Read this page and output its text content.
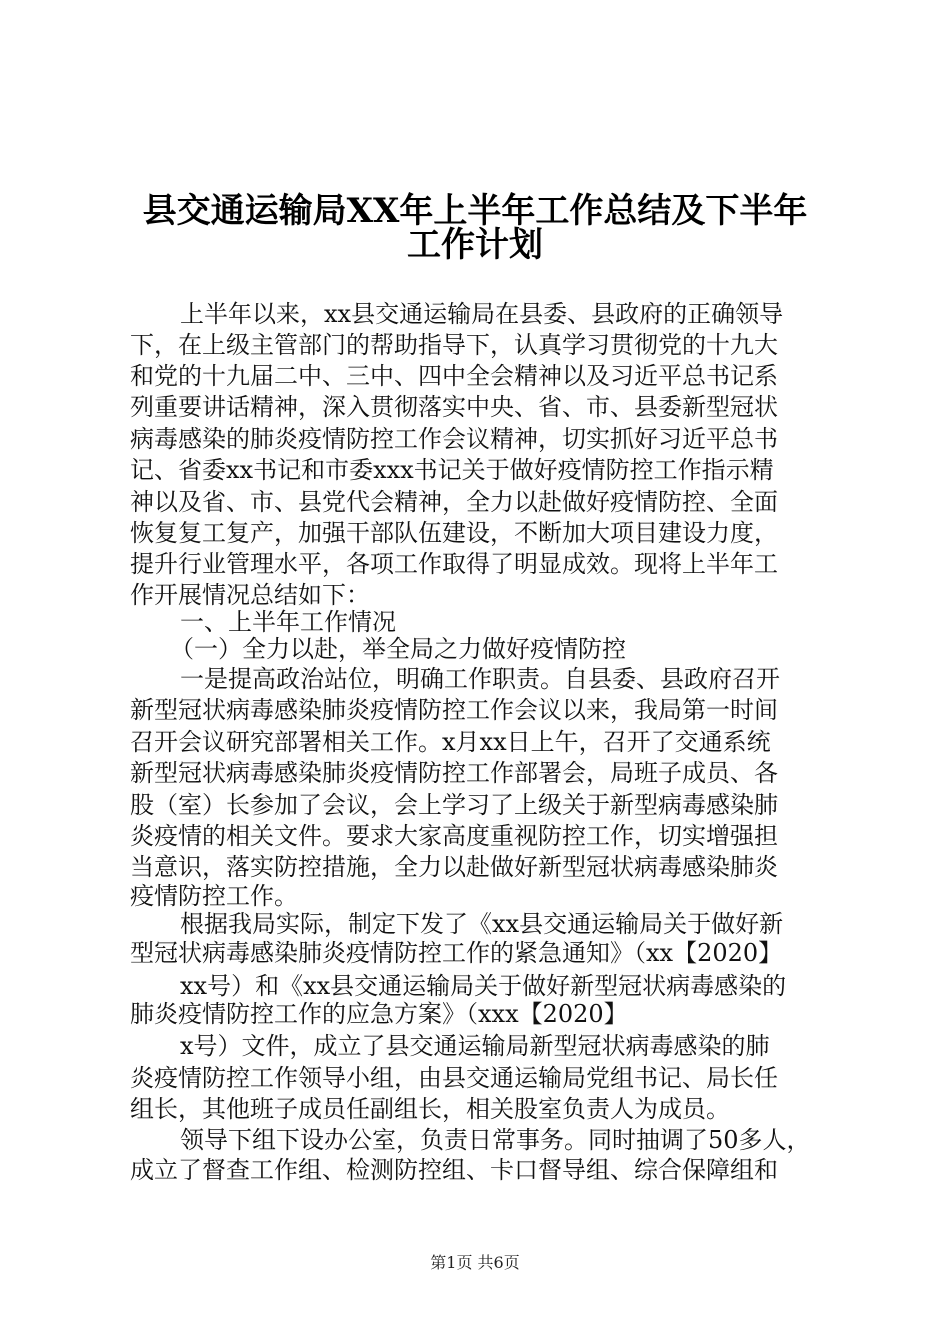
县交通运输局XX年上半年工作总结及下半年
工作计划
上半年以来，xx县交通运输局在县委、县政府的正确领导
下，在上级主管部门的帮助指导下，认真学习贯彻党的十九大
和党的十九届二中、三中、四中全会精神以及习近平总书记系
列重要讲话精神，深入贯彻落实中央、省、市、县委新型冠状
病毒感染的肺炎疫情防控工作会议精神，切实抓好习近平总书
记、省委xx书记和市委xxx书记关于做好疫情防控工作指示精
神以及省、市、县党代会精神，全力以赴做好疫情防控、全面
恢复复工复产，加强干部队伍建设，不断加大项目建设力度，
提升行业管理水平，各项工作取得了明显成效。现将上半年工
作开展情况总结如下：
一、上半年工作情况
（一）全力以赴，举全局之力做好疫情防控
一是提高政治站位，明确工作职责。自县委、县政府召开
新型冠状病毒感染肺炎疫情防控工作会议以来，我局第一时间
召开会议研究部署相关工作。x月xx日上午，召开了交通系统
新型冠状病毒感染肺炎疫情防控工作部署会，局班子成员、各
股（室）长参加了会议，会上学习了上级关于新型病毒感染肺
炎疫情的相关文件。要求大家高度重视防控工作，切实增强担
当意识，落实防控措施，全力以赴做好新型冠状病毒感染肺炎
疫情防控工作。
根据我局实际，制定下发了《xx县交通运输局关于做好新
型冠状病毒感染肺炎疫情防控工作的紧急通知》（xx【2020】
xx号）和《xx县交通运输局关于做好新型冠状病毒感染的
肺炎疫情防控工作的应急方案》（xxx【2020】
x号）文件，成立了县交通运输局新型冠状病毒感染的肺
炎疫情防控工作领导小组，由县交通运输局党组书记、局长任
组长，其他班子成员任副组长，相关股室负责人为成员。
领导下组下设办公室，负责日常事务。同时抽调了50多人，
成立了督查工作组、检测防控组、卡口督导组、综合保障组和
第1页 共6页
